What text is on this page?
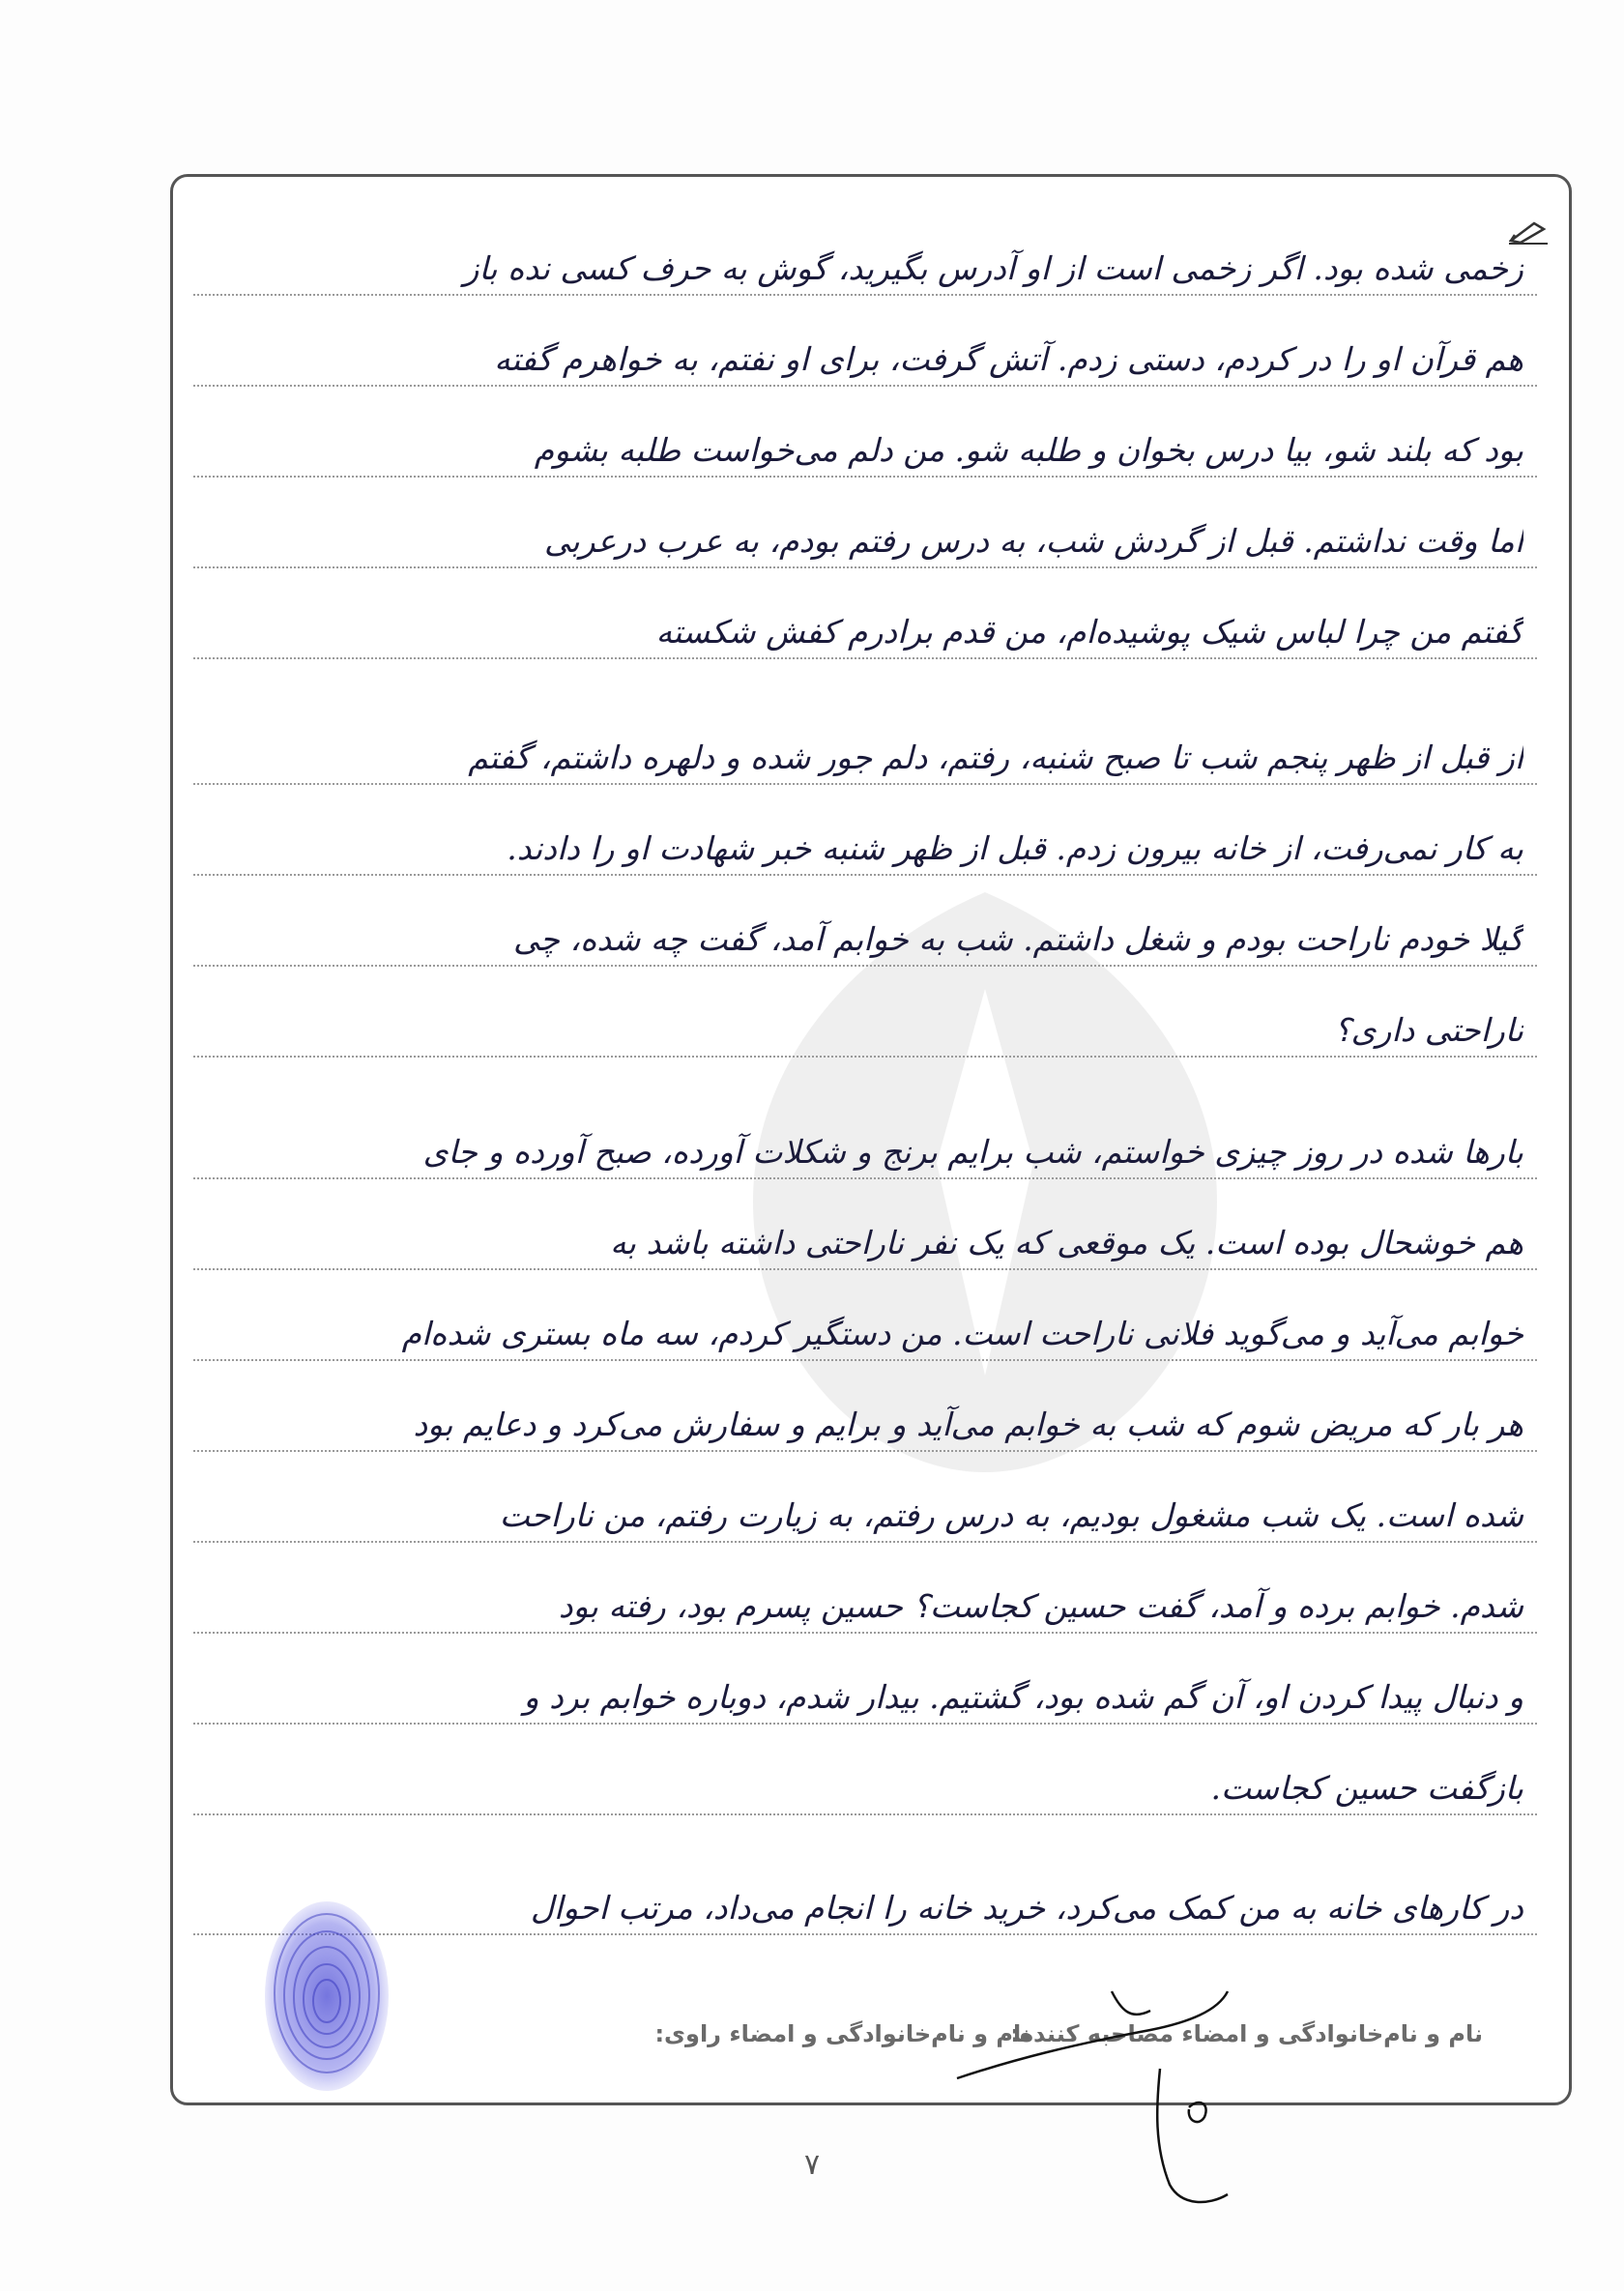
زخمی شده بود. اگر زخمی است از او آدرس بگیرید، گوش به حرف کسی نده باز
هم قرآن او را در کردم، دستی زدم. آتش گرفت، برای او نفتم، به خواهرم گفته
بود که بلند شو، بیا درس بخوان و طلبه شو. من دلم می‌خواست طلبه بشوم
اما وقت نداشتم. قبل از گردش شب، به درس رفتم بودم، به عرب درعربی
گفتم من چرا لباس شیک پوشیده‌ام، من قدم برادرم کفش شکسته
از قبل از ظهر پنجم شب تا صبح شنبه، رفتم، دلم جور شده و دلهره داشتم، گفتم
به کار نمی‌رفت، از خانه بیرون زدم. قبل از ظهر شنبه خبر شهادت او را دادند.
گیلا خودم ناراحت بودم و شغل داشتم. شب به خوابم آمد، گفت چه شده، چی
ناراحتی داری؟
بارها شده در روز چیزی خواستم، شب برایم برنج و شکلات آورده، صبح آورده و جای
هم خوشحال بوده است. یک موقعی که یک نفر ناراحتی داشته باشد به
خوابم می‌آید و می‌گوید فلانی ناراحت است. من دستگیر کردم، سه ماه بستری شده‌ام
هر بار که مریض شوم که شب به خوابم می‌آید و برایم و سفارش می‌کرد و دعایم بود
شده است. یک شب مشغول بودیم، به درس رفتم، به زیارت رفتم، من ناراحت
شدم. خوابم برده و آمد، گفت حسین کجاست؟ حسین پسرم بود، رفته بود
و دنبال پیدا کردن او، آن گم شده بود، گشتیم. بیدار شدم، دوباره خوابم برد و
بازگفت حسین کجاست.
در کارهای خانه به من کمک می‌کرد، خرید خانه را انجام می‌داد، مرتب احوال
نام و نام‌خانوادگی و امضاء مصاحبه کننده:
نام و نام‌خانوادگی و امضاء راوی:
۷
